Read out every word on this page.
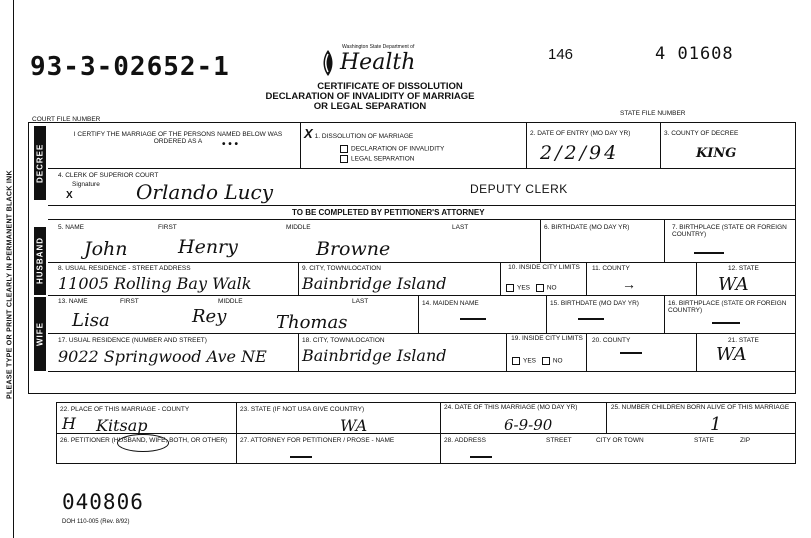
PLEASE TYPE OR PRINT CLEARLY IN PERMANENT BLACK INK
93-3-02652-1
COURT FILE NUMBER
Washington State Department of
Health
CERTIFICATE OF DISSOLUTION
DECLARATION OF INVALIDITY OF MARRIAGE
OR LEGAL SEPARATION
146	4 01608
STATE FILE NUMBER
DECREE
HUSBAND
WIFE
I CERTIFY THE MARRIAGE OF THE PERSONS NAMED BELOW WAS ORDERED AS A	• • •
X 1. DISSOLUTION OF MARRIAGE
DECLARATION OF INVALIDITY
LEGAL SEPARATION
2. DATE OF ENTRY (MO DAY YR)
2/2/94
3. COUNTY OF DECREE
KING
4. CLERK OF SUPERIOR COURT
Signature
X	Orlando Lucy	DEPUTY CLERK
TO BE COMPLETED BY PETITIONER'S ATTORNEY
5. NAME	FIRST	MIDDLE	LAST
John	Henry	Browne
6. BIRTHDATE (MO DAY YR)	7. BIRTHPLACE (STATE OR FOREIGN COUNTRY)
8. USUAL RESIDENCE - STREET ADDRESS
11005 Rolling Bay Walk
9. CITY, TOWN/LOCATION
Bainbridge Island
10. INSIDE CITY LIMITS
YES	NO
11. COUNTY
→
12. STATE
WA
13. NAME	FIRST	MIDDLE	LAST
Lisa	Rey	Thomas
14. MAIDEN NAME	15. BIRTHDATE (MO DAY YR)	16. BIRTHPLACE (STATE OR FOREIGN COUNTRY)
17. USUAL RESIDENCE (NUMBER AND STREET)
9022 Springwood Ave NE
18. CITY, TOWN/LOCATION
Bainbridge Island
19. INSIDE CITY LIMITS
YES	NO
20. COUNTY	21. STATE
WA
22. PLACE OF THIS MARRIAGE - COUNTY
Kitsap
23. STATE (IF NOT USA GIVE COUNTRY)
WA
24. DATE OF THIS MARRIAGE (MO DAY YR)
6-9-90
25. NUMBER CHILDREN BORN ALIVE OF THIS MARRIAGE
1
26. PETITIONER (HUSBAND, WIFE, BOTH, OR OTHER)
H
27. ATTORNEY FOR PETITIONER / PROSE - NAME	28. ADDRESS	STREET	CITY OR TOWN	STATE	ZIP
040806
DOH 110-005 (Rev. 8/92)
